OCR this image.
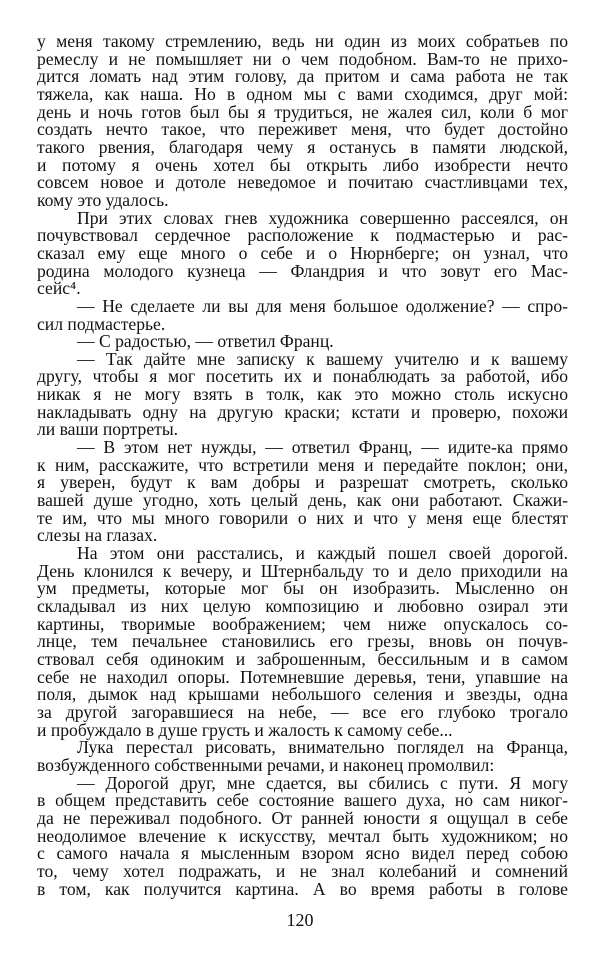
у меня такому стремлению, ведь ни один из моих собратьев по
ремеслу и не помышляет ни о чем подобном. Вам-то не прихо-
дится ломать над этим голову, да притом и сама работа не так
тяжела, как наша. Но в одном мы с вами сходимся, друг мой:
день и ночь готов был бы я трудиться, не жалея сил, коли б мог
создать нечто такое, что переживет меня, что будет достойно
такого рвения, благодаря чему я останусь в памяти людской,
и потому я очень хотел бы открыть либо изобрести нечто
совсем новое и дотоле неведомое и почитаю счастливцами тех,
кому это удалось.
При этих словах гнев художника совершенно рассеялся, он
почувствовал сердечное расположение к подмастерью и рас-
сказал ему еще много о себе и о Нюрнберге; он узнал, что
родина молодого кузнеца — Фландрия и что зовут его Мас-
сейс⁴.
— Не сделаете ли вы для меня большое одолжение? — спро-
сил подмастерье.
— С радостью, — ответил Франц.
— Так дайте мне записку к вашему учителю и к вашему
другу, чтобы я мог посетить их и понаблюдать за работой, ибо
никак я не могу взять в толк, как это можно столь искусно
накладывать одну на другую краски; кстати и проверю, похожи
ли ваши портреты.
— В этом нет нужды, — ответил Франц, — идите-ка прямо
к ним, расскажите, что встретили меня и передайте поклон; они,
я уверен, будут к вам добры и разрешат смотреть, сколько
вашей душе угодно, хоть целый день, как они работают. Скажи-
те им, что мы много говорили о них и что у меня еще блестят
слезы на глазах.
На этом они расстались, и каждый пошел своей дорогой.
День клонился к вечеру, и Штернбальду то и дело приходили на
ум предметы, которые мог бы он изобразить. Мысленно он
складывал из них целую композицию и любовно озирал эти
картины, творимые воображением; чем ниже опускалось со-
лнце, тем печальнее становились его грезы, вновь он почув-
ствовал себя одиноким и заброшенным, бессильным и в самом
себе не находил опоры. Потемневшие деревья, тени, упавшие на
поля, дымок над крышами небольшого селения и звезды, одна
за другой загоравшиеся на небе, — все его глубоко трогало
и пробуждало в душе грусть и жалость к самому себе...
Лука перестал рисовать, внимательно поглядел на Франца,
возбужденного собственными речами, и наконец промолвил:
— Дорогой друг, мне сдается, вы сбились с пути. Я могу
в общем представить себе состояние вашего духа, но сам никог-
да не переживал подобного. От ранней юности я ощущал в себе
неодолимое влечение к искусству, мечтал быть художником; но
с самого начала я мысленным взором ясно видел перед собою
то, чему хотел подражать, и не знал колебаний и сомнений
в том, как получится картина. А во время работы в голове
120
